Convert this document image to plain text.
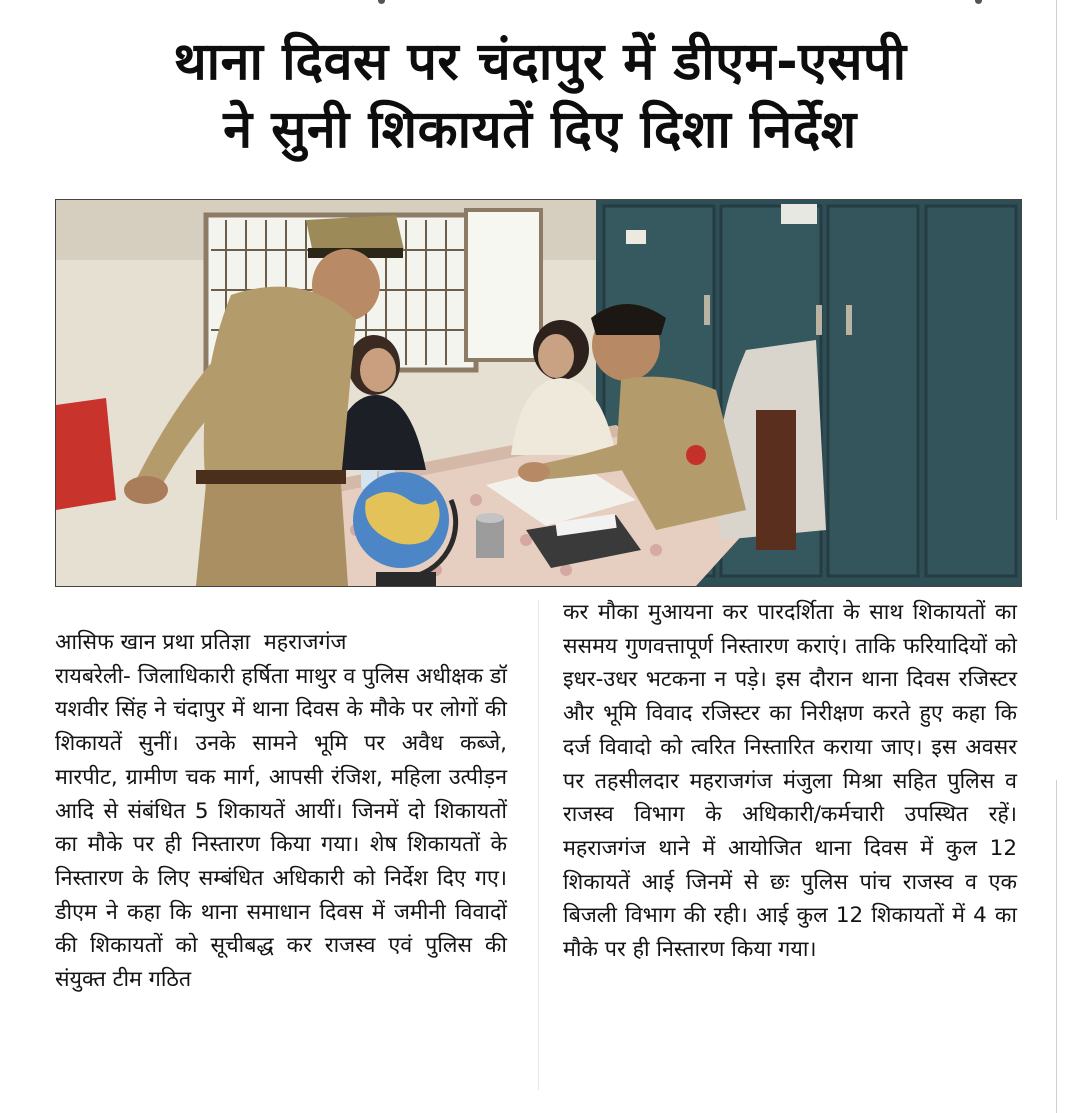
थाना दिवस पर चंदापुर में डीएम-एसपी
ने सुनी शिकायतें दिए दिशा निर्देश

आसिफ खान प्रथा प्रतिज्ञा  महराजगंज

रायबरेली- जिलाधिकारी हर्षिता माथुर व पुलिस अधीक्षक डॉ यशवीर सिंह ने चंदापुर में थाना दिवस के मौके पर लोगों की शिकायतें सुनीं। उनके सामने भूमि पर अवैध कब्जे, मारपीट, ग्रामीण चक मार्ग, आपसी रंजिश, महिला उत्पीड़न आदि से संबंधित 5 शिकायतें आयीं। जिनमें दो शिकायतों का मौके पर ही निस्तारण किया गया। शेष शिकायतों के निस्तारण के लिए सम्बंधित अधिकारी को निर्देश दिए गए। डीएम ने कहा कि थाना समाधान दिवस में जमीनी विवादों की शिकायतों को सूचीबद्ध कर राजस्व एवं पुलिस की संयुक्त टीम गठित

कर मौका मुआयना कर पारदर्शिता के साथ शिकायतों का ससमय गुणवत्तापूर्ण निस्तारण कराएं। ताकि फरियादियों को इधर-उधर भटकना न पड़े। इस दौरान थाना दिवस रजिस्टर और भूमि विवाद रजिस्टर का निरीक्षण करते हुए कहा कि दर्ज विवादो को त्वरित निस्तारित कराया जाए। इस अवसर पर तहसीलदार महराजगंज मंजुला मिश्रा सहित पुलिस व राजस्व विभाग के अधिकारी/कर्मचारी उपस्थित रहें। महराजगंज थाने में आयोजित थाना दिवस में कुल 12 शिकायतें आई जिनमें से छः पुलिस पांच राजस्व व एक बिजली विभाग की रही। आई कुल 12 शिकायतों में 4 का मौके पर ही निस्तारण किया गया।
